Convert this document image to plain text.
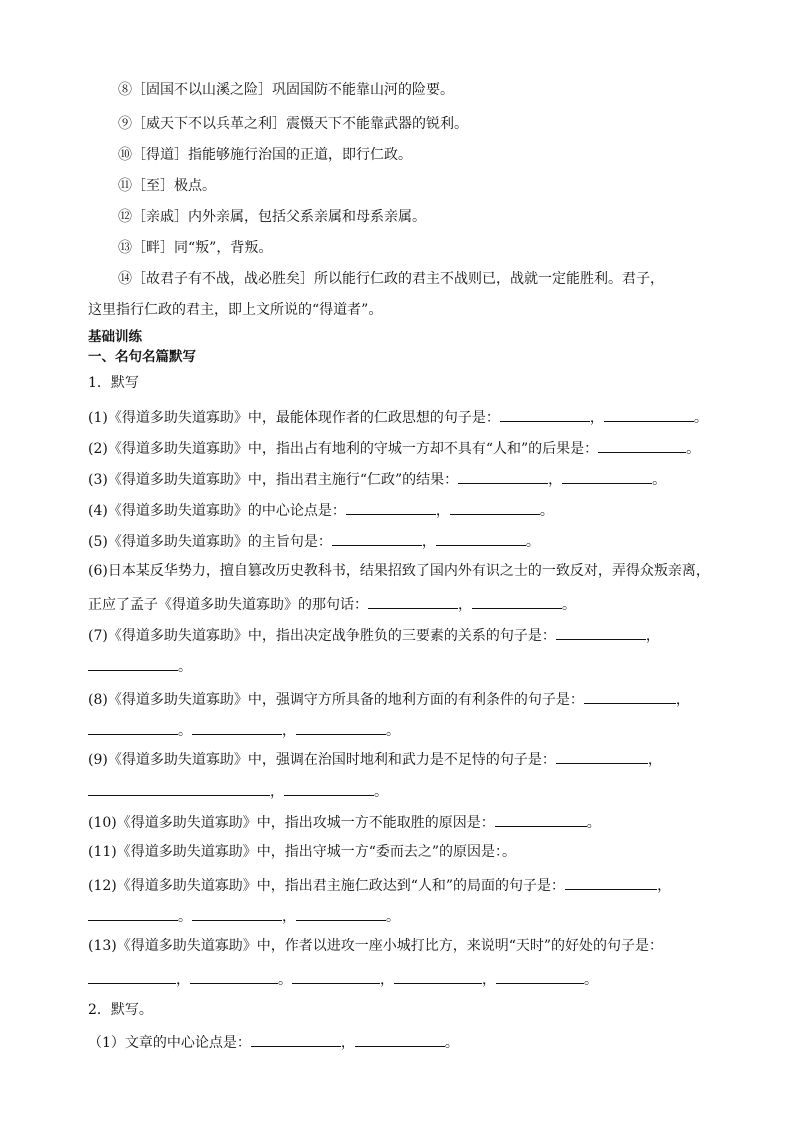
⑧［固国不以山溪之险］巩固国防不能靠山河的险要。
⑨［威天下不以兵革之利］震慑天下不能靠武器的锐利。
⑩［得道］指能够施行治国的正道，即行仁政。
⑪［至］极点。
⑫［亲戚］内外亲属，包括父系亲属和母系亲属。
⑬［畔］同“叛”，背叛。
⑭［故君子有不战，战必胜矣］所以能行仁政的君主不战则已，战就一定能胜利。君子，
这里指行仁政的君主，即上文所说的“得道者”。
基础训练
一、名句名篇默写
1．默写
(1)《得道多助失道寡助》中，最能体现作者的仁政思想的句子是：	，	。
(2)《得道多助失道寡助》中，指出占有地利的守城一方却不具有“人和”的后果是：	。
(3)《得道多助失道寡助》中，指出君主施行“仁政”的结果：	，	。
(4)《得道多助失道寡助》的中心论点是：	，	。
(5)《得道多助失道寡助》的主旨句是：	，	。
(6)日本某反华势力，擅自篡改历史教科书，结果招致了国内外有识之士的一致反对，弄得众叛亲离，
正应了孟子《得道多助失道寡助》的那句话：	，	。
(7)《得道多助失道寡助》中，指出决定战争胜负的三要素的关系的句子是：	，
。
(8)《得道多助失道寡助》中，强调守方所具备的地利方面的有利条件的句子是：	，
。	，	。
(9)《得道多助失道寡助》中，强调在治国时地利和武力是不足恃的句子是：	，
，	。
(10)《得道多助失道寡助》中，指出攻城一方不能取胜的原因是：	。
(11)《得道多助失道寡助》中，指出守城一方“委而去之”的原因是：。
(12)《得道多助失道寡助》中，指出君主施仁政达到“人和”的局面的句子是：	，
。	，	。
(13)《得道多助失道寡助》中，作者以进攻一座小城打比方，来说明“天时”的好处的句子是：
，	。	，	，	。
2．默写。
（1）文章的中心论点是：	，	。
